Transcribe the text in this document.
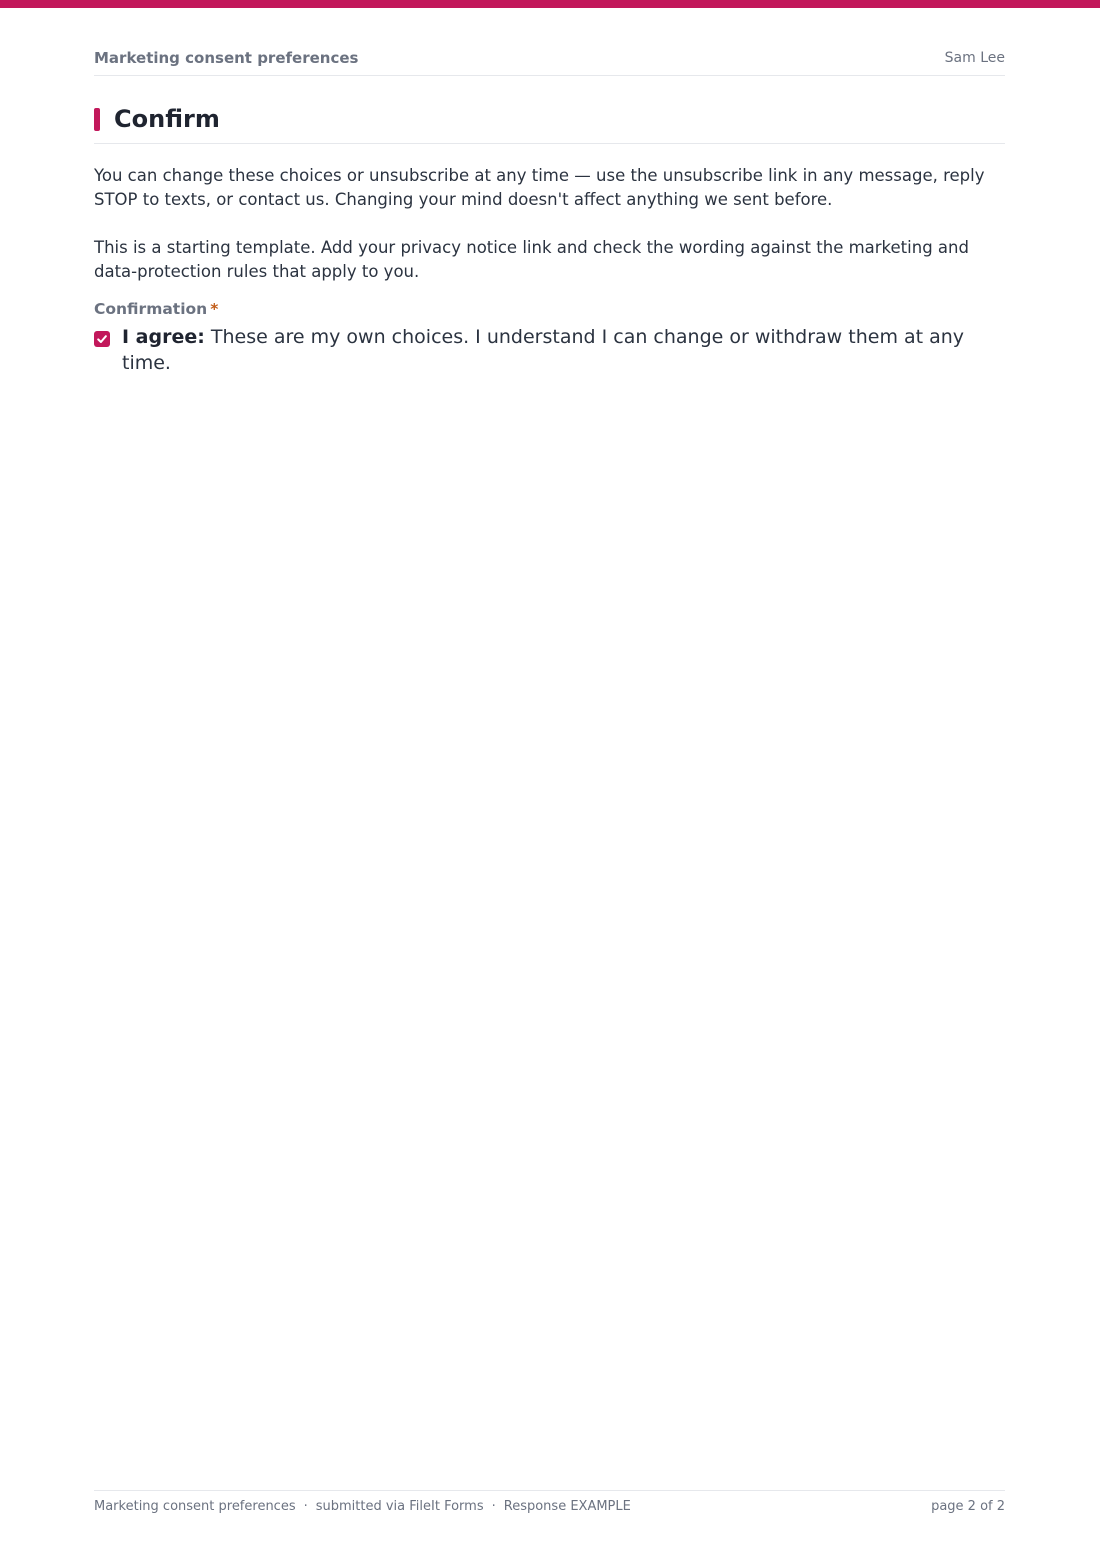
Marketing consent preferences	Sam Lee
Confirm

You can change these choices or unsubscribe at any time — use the unsubscribe link in any message, reply STOP to texts, or contact us. Changing your mind doesn't affect anything we sent before.

This is a starting template. Add your privacy notice link and check the wording against the marketing and data-protection rules that apply to you.

Confirmation *
I agree: These are my own choices. I understand I can change or withdraw them at any time.
Marketing consent preferences · submitted via FileIt Forms · Response EXAMPLE	page 2 of 2
